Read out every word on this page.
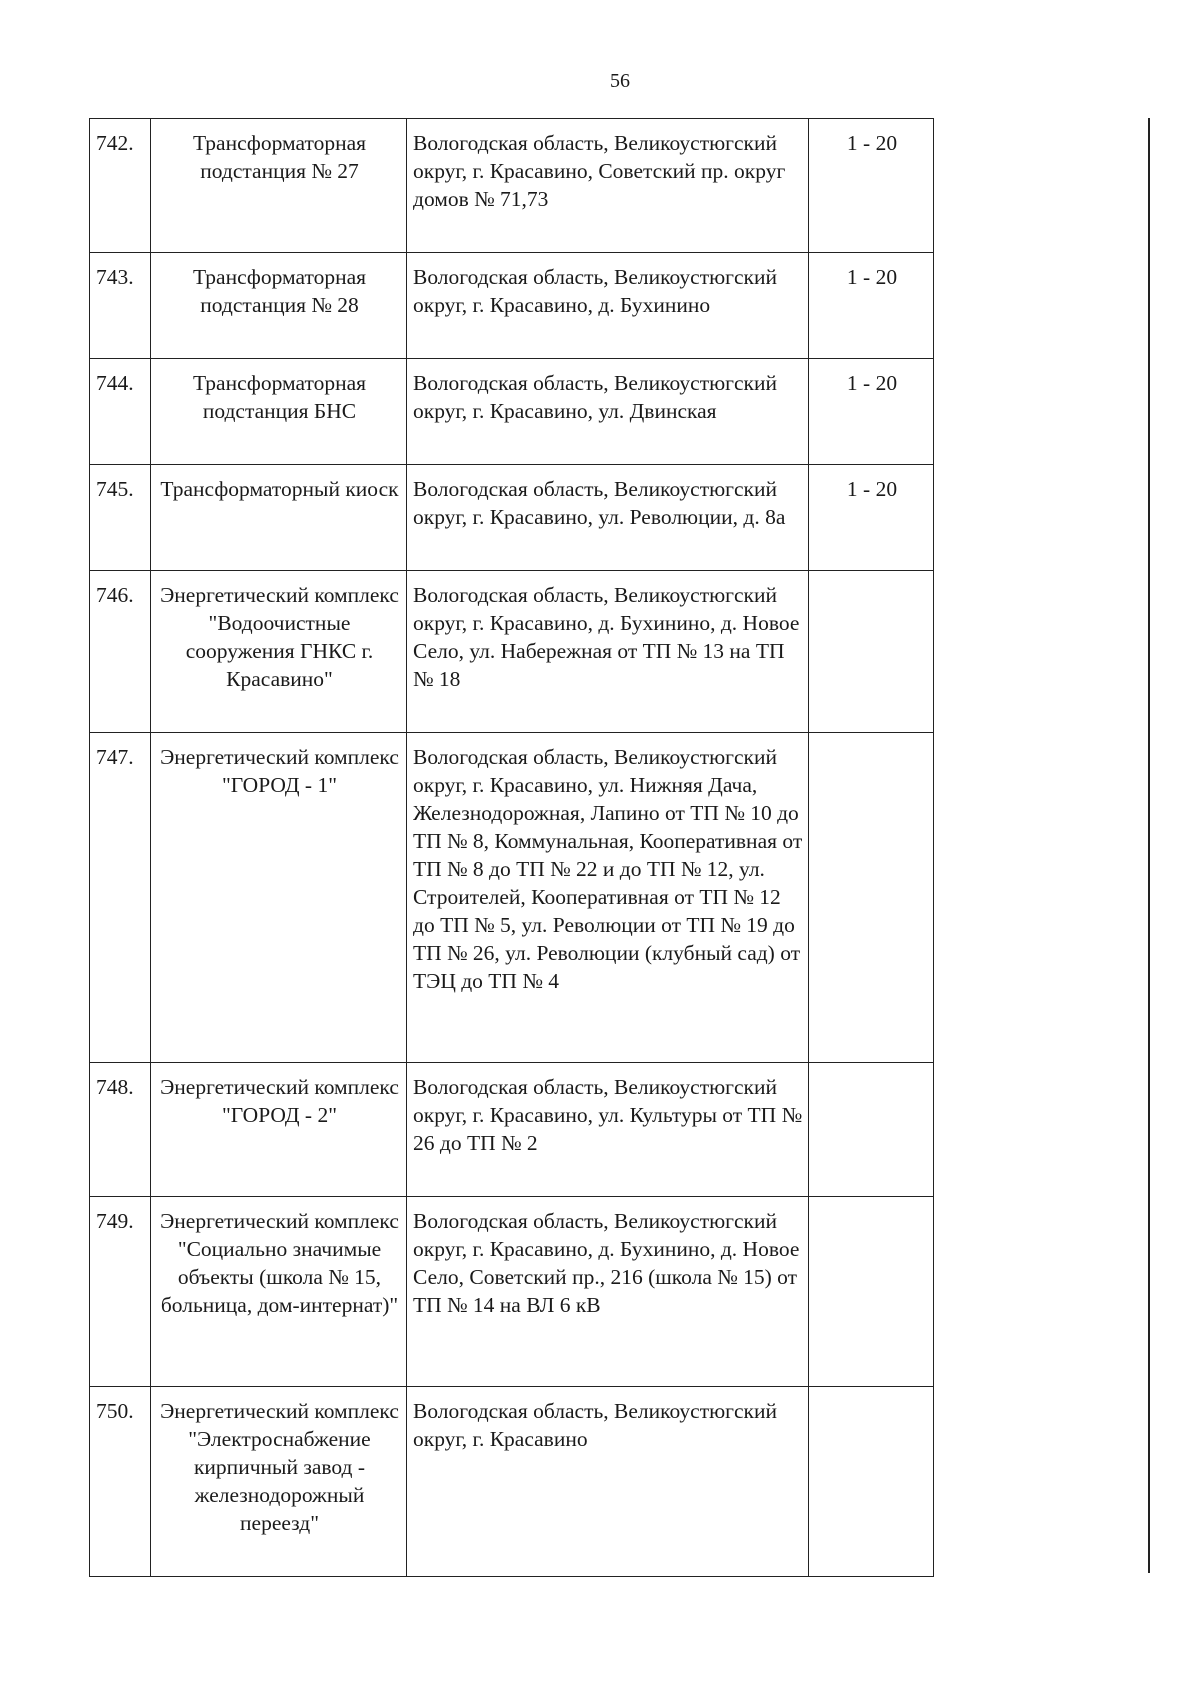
56
742.	Трансформаторная подстанция № 27	Вологодская область, Великоустюгский округ, г. Красавино, Советский пр. округ домов № 71,73	1 - 20
743.	Трансформаторная подстанция № 28	Вологодская область, Великоустюгский округ, г. Красавино, д. Бухинино	1 - 20
744.	Трансформаторная подстанция БНС	Вологодская область, Великоустюгский округ, г. Красавино, ул. Двинская	1 - 20
745.	Трансформаторный киоск	Вологодская область, Великоустюгский округ, г. Красавино, ул. Революции, д. 8а	1 - 20
746.	Энергетический комплекс "Водоочистные сооружения ГНКС г. Красавино"	Вологодская область, Великоустюгский округ, г. Красавино, д. Бухинино, д. Новое Село, ул. Набережная от ТП № 13 на ТП № 18	
747.	Энергетический комплекс "ГОРОД - 1"	Вологодская область, Великоустюгский округ, г. Красавино, ул. Нижняя Дача, Железнодорожная, Лапино от ТП № 10 до ТП № 8, Коммунальная, Кооперативная от ТП № 8 до ТП № 22 и до ТП № 12, ул. Строителей, Кооперативная от ТП № 12 до ТП № 5, ул. Революции от ТП № 19 до ТП № 26, ул. Революции (клубный сад) от ТЭЦ до ТП № 4	
748.	Энергетический комплекс "ГОРОД - 2"	Вологодская область, Великоустюгский округ, г. Красавино, ул. Культуры от ТП № 26 до ТП № 2	
749.	Энергетический комплекс "Социально значимые объекты (школа № 15, больница, дом-интернат)"	Вологодская область, Великоустюгский округ, г. Красавино, д. Бухинино, д. Новое Село, Советский пр., 216 (школа № 15) от ТП № 14 на ВЛ 6 кВ	
750.	Энергетический комплекс "Электроснабжение кирпичный завод - железнодорожный переезд"	Вологодская область, Великоустюгский округ, г. Красавино	
